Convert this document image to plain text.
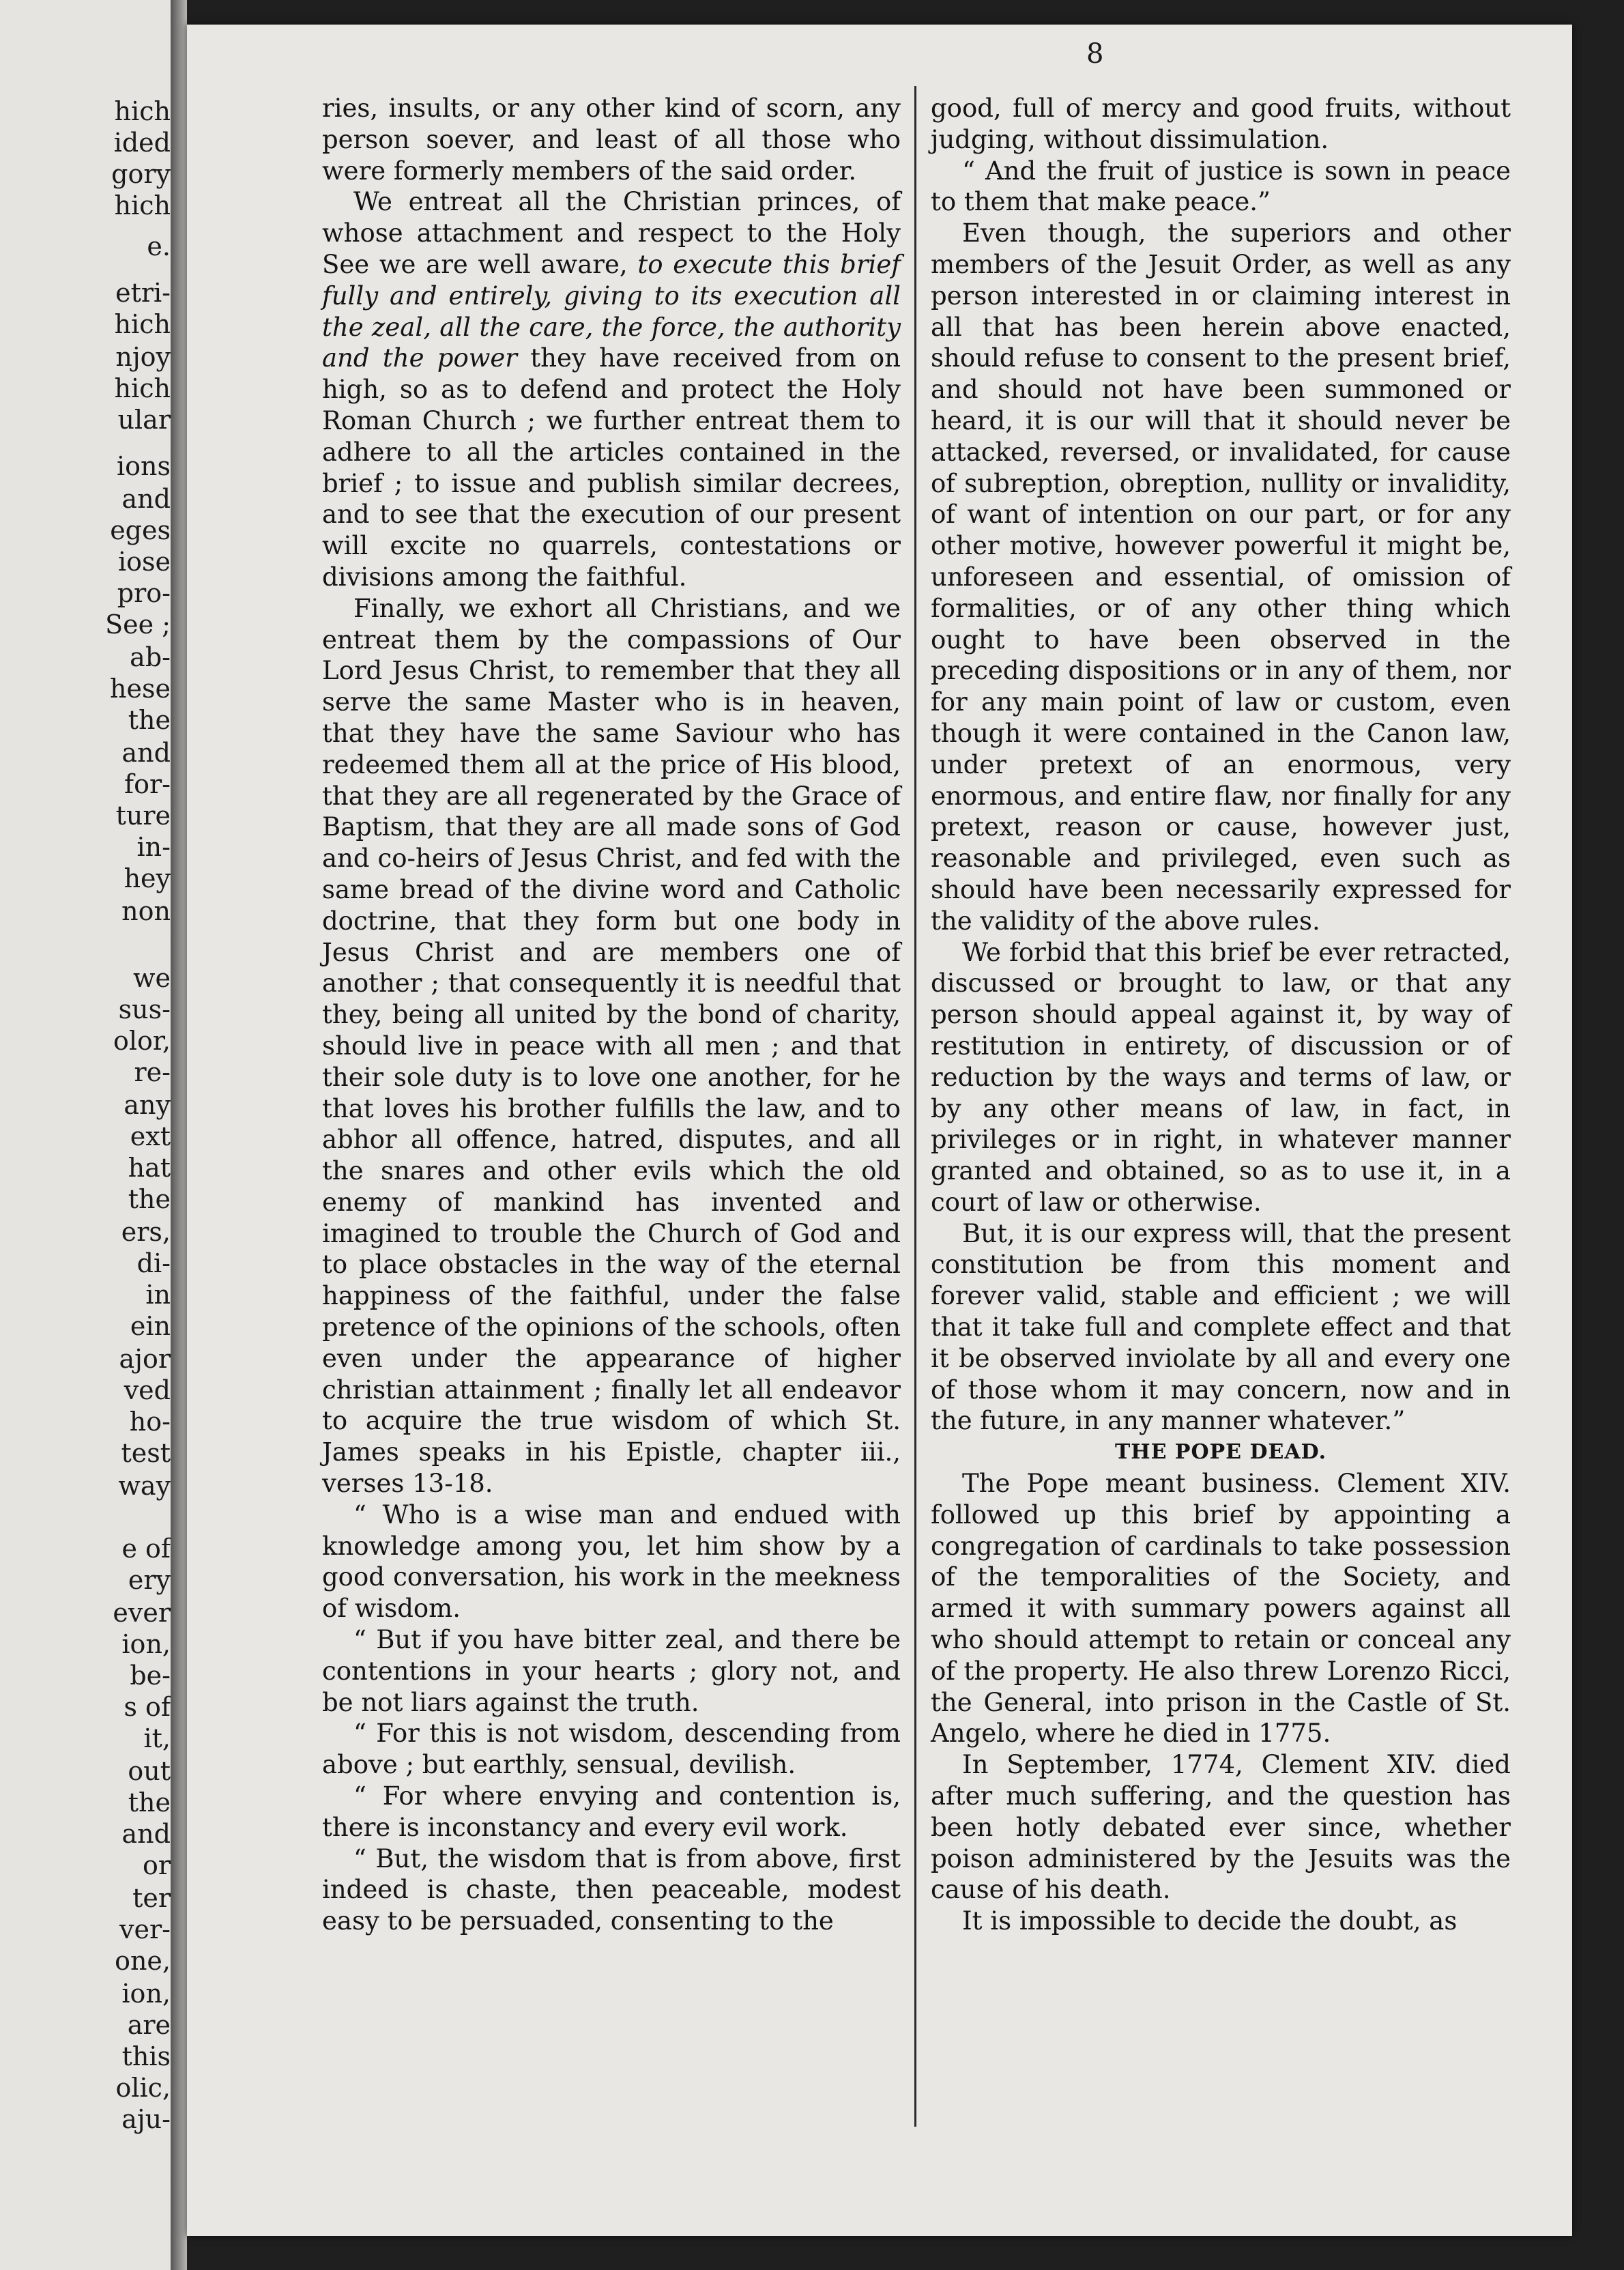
hich

ided

gory

hich

e.

etri-

hich

njoy

hich

ular

ions

and

eges

iose

pro-

See ;

ab-

hese

the

and

for-

ture

in-

hey

non

we

sus-

olor,

re-

any

ext

hat

the

ers,

di-

in

ein

ajor

ved

ho-

test

way

e of

ery

ever

ion,

be-

s of

it,

out

the

and

or

ter

ver-

one,

ion,

are

this

olic,

aju-

8

ries, insults, or any other kind of scorn, any person soever, and least of all those who were formerly members of the said order.

We entreat all the Christian princes, of whose attachment and respect to the Holy See we are well aware, to execute this brief fully and entirely, giving to its execution all the zeal, all the care, the force, the authority and the power they have received from on high, so as to defend and protect the Holy Roman Church ; we further entreat them to adhere to all the articles contained in the brief ; to issue and publish similar decrees, and to see that the execution of our present will excite no quarrels, contestations or divisions among the faithful.

Finally, we exhort all Christians, and we entreat them by the compassions of Our Lord Jesus Christ, to remember that they all serve the same Master who is in heaven, that they have the same Saviour who has redeemed them all at the price of His blood, that they are all regenerated by the Grace of Baptism, that they are all made sons of God and co-heirs of Jesus Christ, and fed with the same bread of the divine word and Catholic doctrine, that they form but one body in Jesus Christ and are members one of another ; that consequently it is needful that they, being all united by the bond of charity, should live in peace with all men ; and that their sole duty is to love one another, for he that loves his brother fulfills the law, and to abhor all offence, hatred, disputes, and all the snares and other evils which the old enemy of mankind has invented and imagined to trouble the Church of God and to place obstacles in the way of the eternal happiness of the faithful, under the false pretence of the opinions of the schools, often even under the appearance of higher christian attainment ; finally let all endeavor to acquire the true wisdom of which St. James speaks in his Epistle, chapter iii., verses 13-18.

“ Who is a wise man and endued with knowledge among you, let him show by a good conversation, his work in the meekness of wisdom.

“ But if you have bitter zeal, and there be contentions in your hearts ; glory not, and be not liars against the truth.

“ For this is not wisdom, descending from above ; but earthly, sensual, devilish.

“ For where envying and contention is, there is inconstancy and every evil work.

“ But, the wisdom that is from above, first indeed is chaste, then peaceable, modest easy to be persuaded, consenting to the

good, full of mercy and good fruits, without judging, without dissimulation.

“ And the fruit of justice is sown in peace to them that make peace.”

Even though, the superiors and other members of the Jesuit Order, as well as any person interested in or claiming interest in all that has been herein above enacted, should refuse to consent to the present brief, and should not have been summoned or heard, it is our will that it should never be attacked, reversed, or invalidated, for cause of subreption, obreption, nullity or invalidity, of want of intention on our part, or for any other motive, however powerful it might be, unforeseen and essential, of omission of formalities, or of any other thing which ought to have been observed in the preceding dispositions or in any of them, nor for any main point of law or custom, even though it were contained in the Canon law, under pretext of an enormous, very enormous, and entire flaw, nor finally for any pretext, reason or cause, however just, reasonable and privileged, even such as should have been necessarily expressed for the validity of the above rules.

We forbid that this brief be ever retracted, discussed or brought to law, or that any person should appeal against it, by way of restitution in entirety, of discussion or of reduction by the ways and terms of law, or by any other means of law, in fact, in privileges or in right, in whatever manner granted and obtained, so as to use it, in a court of law or otherwise.

But, it is our express will, that the present constitution be from this moment and forever valid, stable and efficient ; we will that it take full and complete effect and that it be observed inviolate by all and every one of those whom it may concern, now and in the future, in any manner whatever.”

THE POPE DEAD.

The Pope meant business. Clement XIV. followed up this brief by appointing a congregation of cardinals to take possession of the temporalities of the Society, and armed it with summary powers against all who should attempt to retain or conceal any of the property. He also threw Lorenzo Ricci, the General, into prison in the Castle of St. Angelo, where he died in 1775.

In September, 1774, Clement XIV. died after much suffering, and the question has been hotly debated ever since, whether poison administered by the Jesuits was the cause of his death.

It is impossible to decide the doubt, as
